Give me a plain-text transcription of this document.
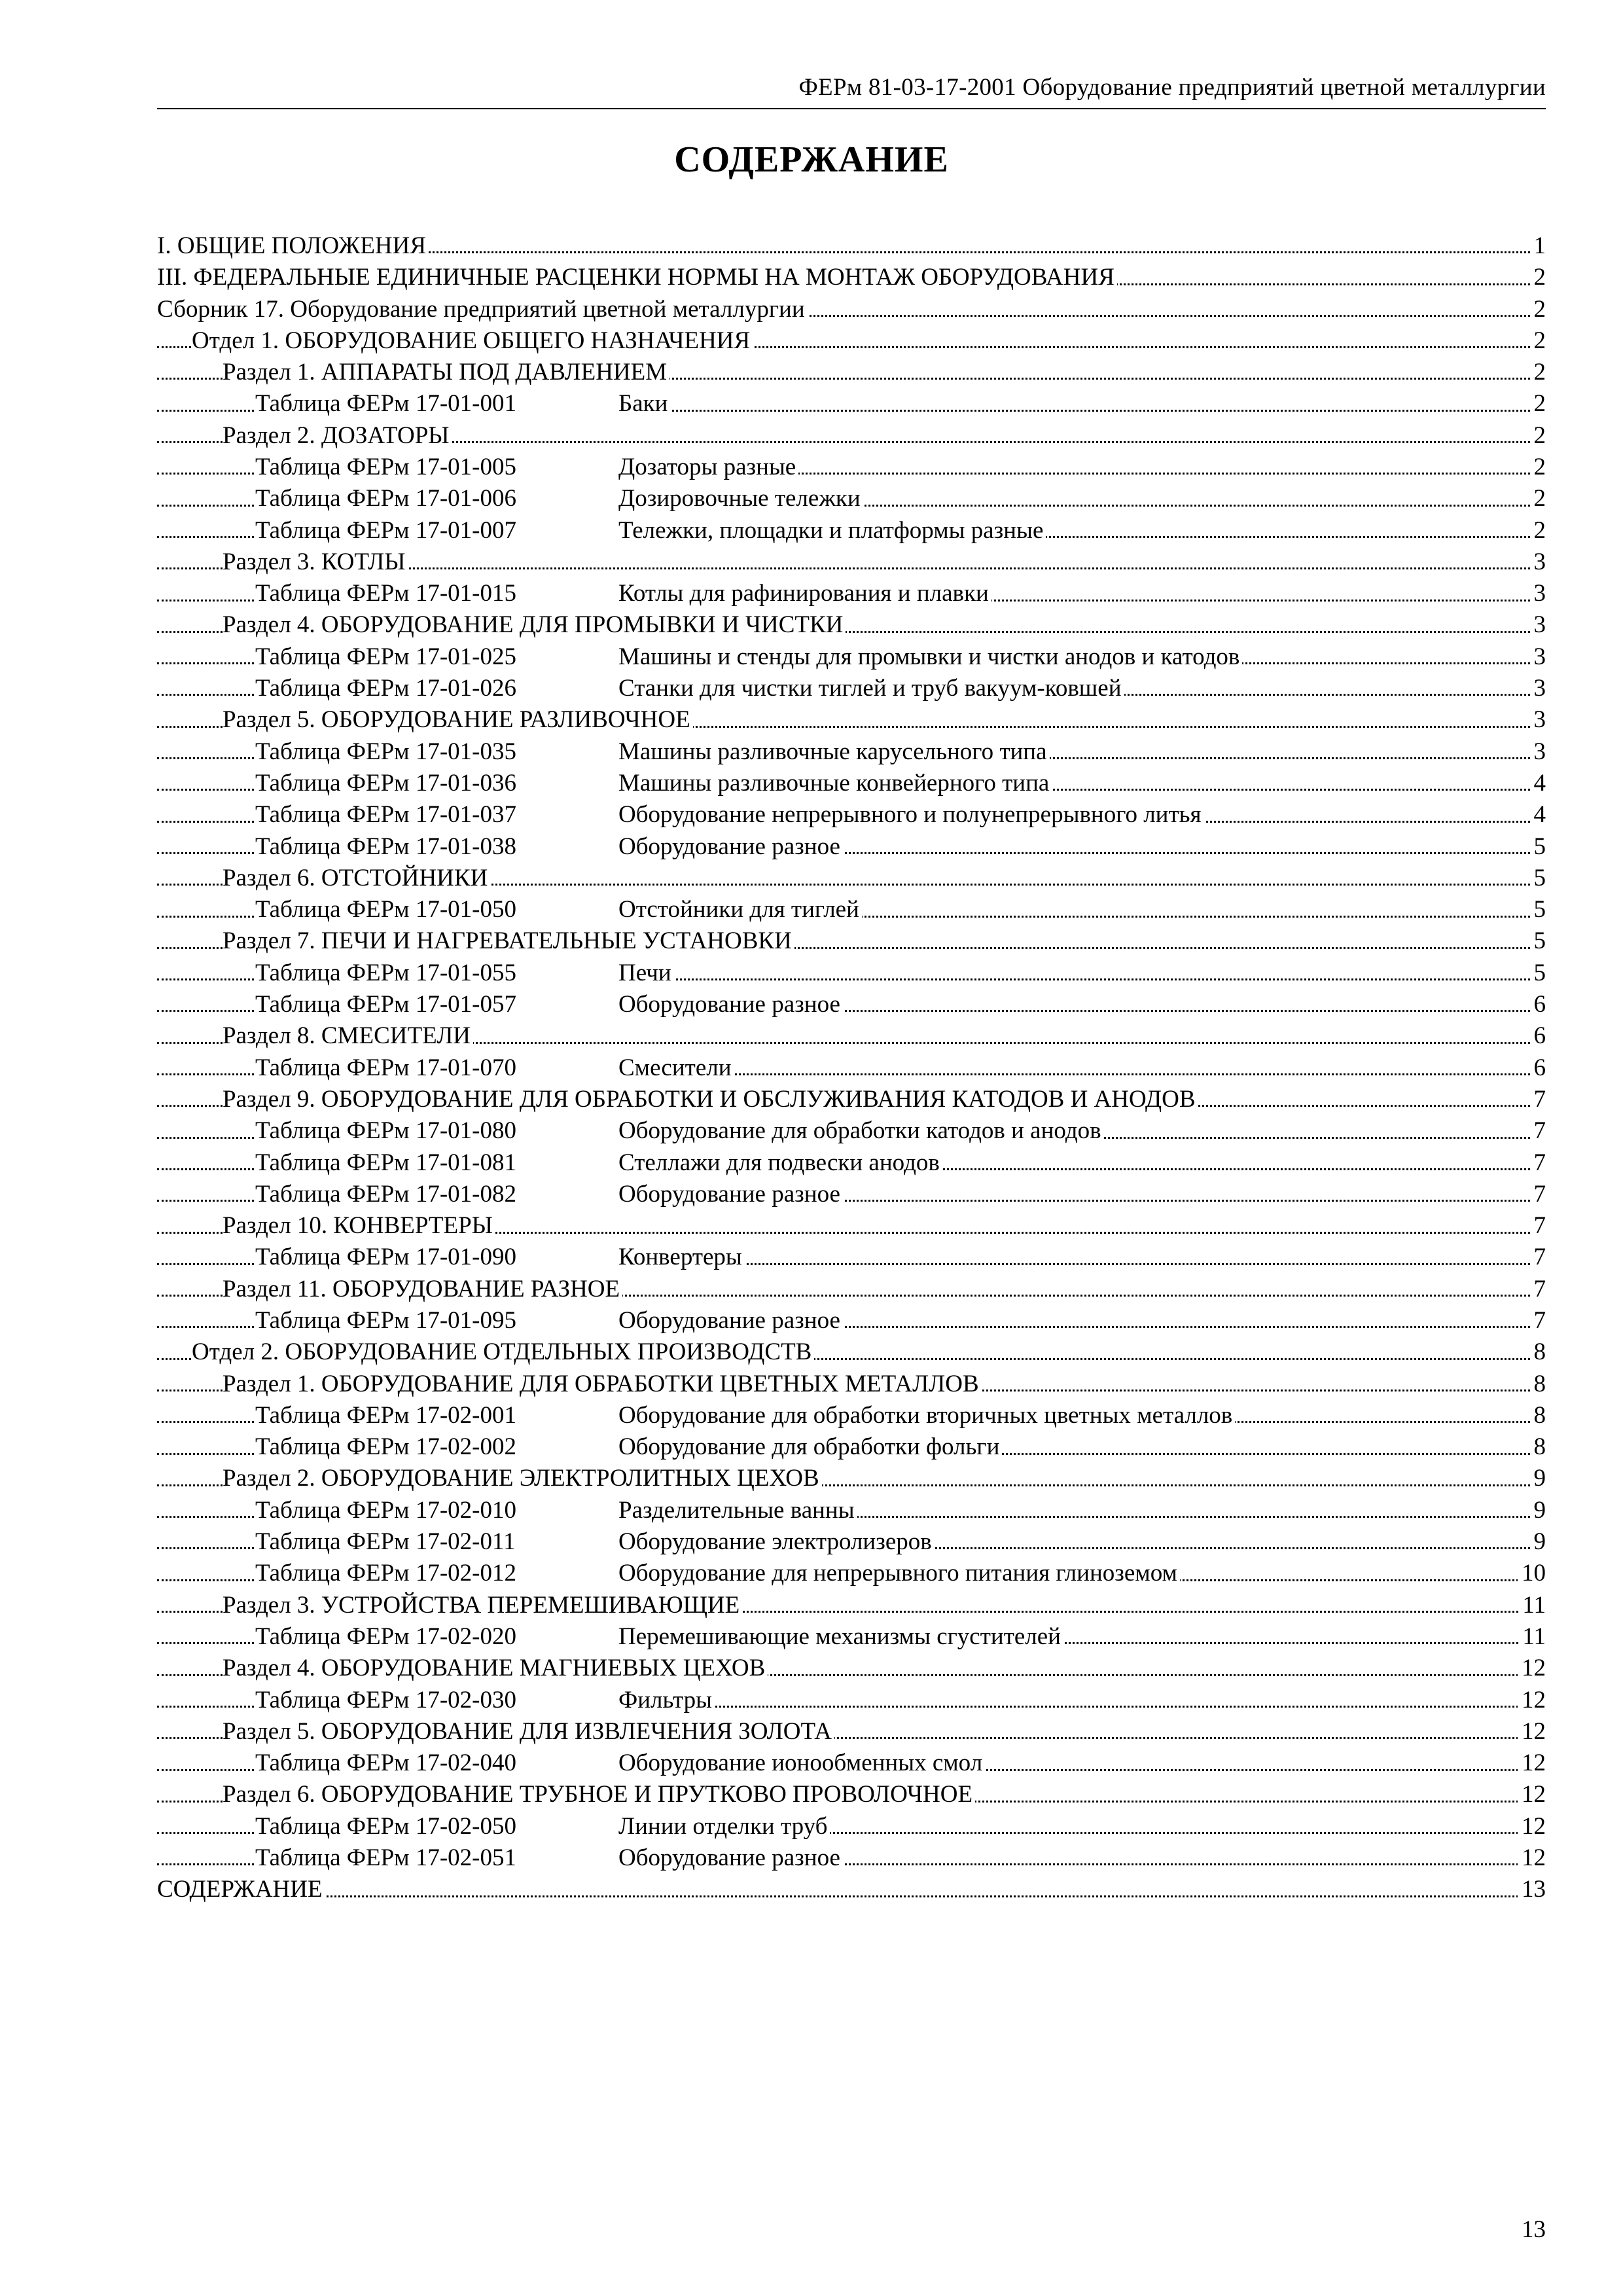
ФЕРм 81-03-17-2001 Оборудование предприятий цветной металлургии
СОДЕРЖАНИЕ
I. ОБЩИЕ ПОЛОЖЕНИЯ	1
III. ФЕДЕРАЛЬНЫЕ ЕДИНИЧНЫЕ РАСЦЕНКИ НОРМЫ НА МОНТАЖ ОБОРУДОВАНИЯ	2
Сборник 17. Оборудование предприятий цветной металлургии	2
Отдел 1. ОБОРУДОВАНИЕ ОБЩЕГО НАЗНАЧЕНИЯ	2
Раздел 1. АППАРАТЫ ПОД ДАВЛЕНИЕМ	2
Таблица ФЕРм 17-01-001	Баки	2
Раздел 2. ДОЗАТОРЫ	2
Таблица ФЕРм 17-01-005	Дозаторы разные	2
Таблица ФЕРм 17-01-006	Дозировочные тележки	2
Таблица ФЕРм 17-01-007	Тележки, площадки и платформы разные	2
Раздел 3. КОТЛЫ	3
Таблица ФЕРм 17-01-015	Котлы для рафинирования и плавки	3
Раздел 4. ОБОРУДОВАНИЕ ДЛЯ ПРОМЫВКИ И ЧИСТКИ	3
Таблица ФЕРм 17-01-025	Машины и стенды для промывки и чистки анодов и катодов	3
Таблица ФЕРм 17-01-026	Станки для чистки тиглей и труб вакуум-ковшей	3
Раздел 5. ОБОРУДОВАНИЕ РАЗЛИВОЧНОЕ	3
Таблица ФЕРм 17-01-035	Машины разливочные карусельного типа	3
Таблица ФЕРм 17-01-036	Машины разливочные конвейерного типа	4
Таблица ФЕРм 17-01-037	Оборудование непрерывного и полунепрерывного литья	4
Таблица ФЕРм 17-01-038	Оборудование разное	5
Раздел 6. ОТСТОЙНИКИ	5
Таблица ФЕРм 17-01-050	Отстойники для тиглей	5
Раздел 7. ПЕЧИ И НАГРЕВАТЕЛЬНЫЕ УСТАНОВКИ	5
Таблица ФЕРм 17-01-055	Печи	5
Таблица ФЕРм 17-01-057	Оборудование разное	6
Раздел 8. СМЕСИТЕЛИ	6
Таблица ФЕРм 17-01-070	Смесители	6
Раздел 9. ОБОРУДОВАНИЕ ДЛЯ ОБРАБОТКИ И ОБСЛУЖИВАНИЯ КАТОДОВ И АНОДОВ	7
Таблица ФЕРм 17-01-080	Оборудование для обработки катодов и анодов	7
Таблица ФЕРм 17-01-081	Стеллажи для подвески анодов	7
Таблица ФЕРм 17-01-082	Оборудование разное	7
Раздел 10. КОНВЕРТЕРЫ	7
Таблица ФЕРм 17-01-090	Конвертеры	7
Раздел 11. ОБОРУДОВАНИЕ РАЗНОЕ	7
Таблица ФЕРм 17-01-095	Оборудование разное	7
Отдел 2. ОБОРУДОВАНИЕ ОТДЕЛЬНЫХ ПРОИЗВОДСТВ	8
Раздел 1. ОБОРУДОВАНИЕ ДЛЯ ОБРАБОТКИ ЦВЕТНЫХ МЕТАЛЛОВ	8
Таблица ФЕРм 17-02-001	Оборудование для обработки вторичных цветных металлов	8
Таблица ФЕРм 17-02-002	Оборудование для обработки фольги	8
Раздел 2. ОБОРУДОВАНИЕ ЭЛЕКТРОЛИТНЫХ ЦЕХОВ	9
Таблица ФЕРм 17-02-010	Разделительные ванны	9
Таблица ФЕРм 17-02-011	Оборудование электролизеров	9
Таблица ФЕРм 17-02-012	Оборудование для непрерывного питания глиноземом	10
Раздел 3. УСТРОЙСТВА ПЕРЕМЕШИВАЮЩИЕ	11
Таблица ФЕРм 17-02-020	Перемешивающие механизмы сгустителей	11
Раздел 4. ОБОРУДОВАНИЕ МАГНИЕВЫХ ЦЕХОВ	12
Таблица ФЕРм 17-02-030	Фильтры	12
Раздел 5. ОБОРУДОВАНИЕ ДЛЯ ИЗВЛЕЧЕНИЯ ЗОЛОТА	12
Таблица ФЕРм 17-02-040	Оборудование ионообменных смол	12
Раздел 6. ОБОРУДОВАНИЕ ТРУБНОЕ И ПРУТКОВО ПРОВОЛОЧНОЕ	12
Таблица ФЕРм 17-02-050	Линии отделки труб	12
Таблица ФЕРм 17-02-051	Оборудование разное	12
СОДЕРЖАНИЕ	13
13
